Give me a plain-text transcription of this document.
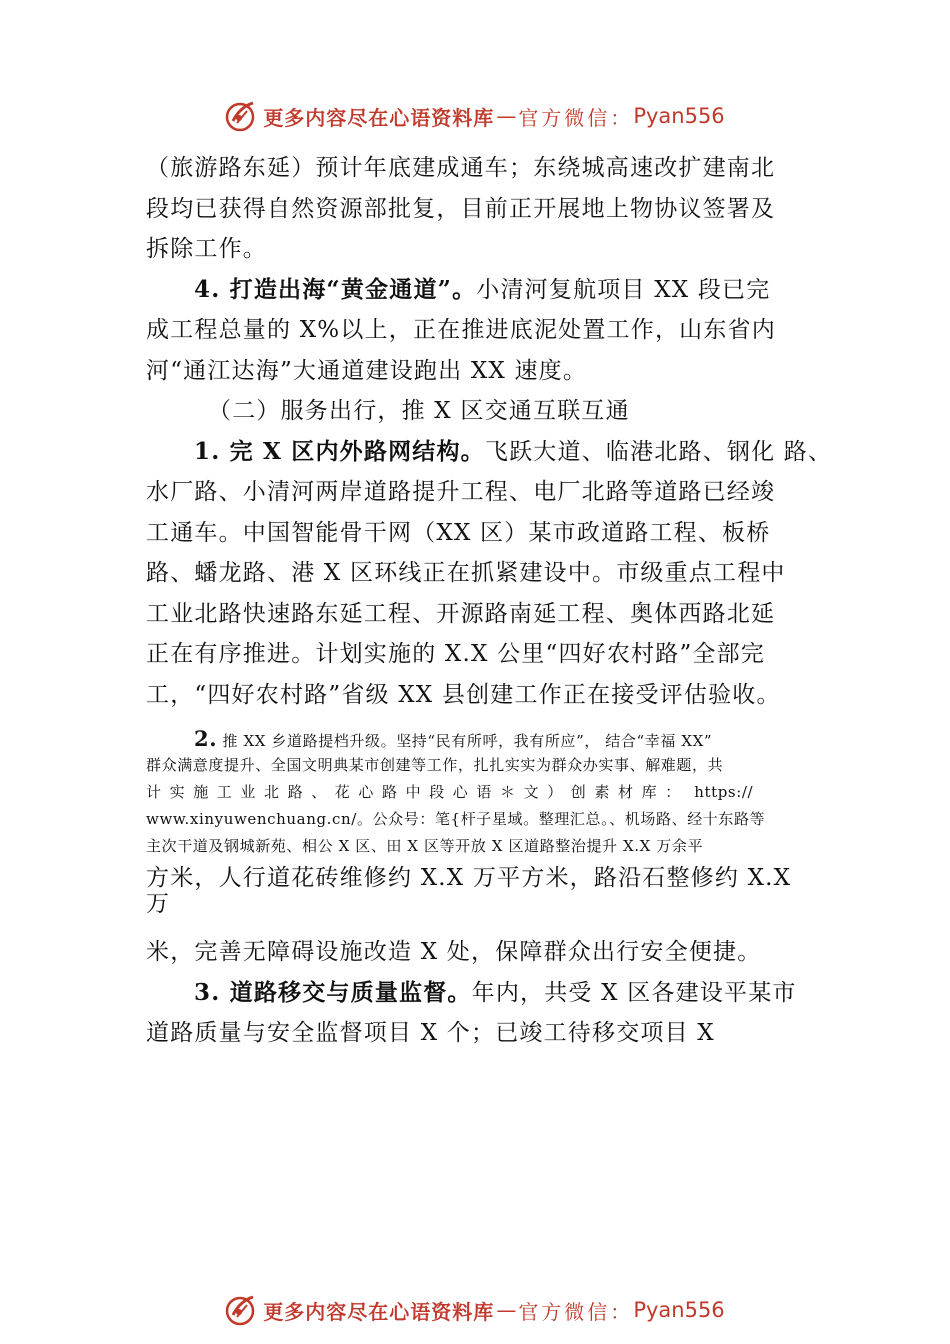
更多内容尽在心语资料库 — 官方微信： Pyan556
（旅游路东延）预计年底建成通车；东绕城高速改扩建南北
段均已获得自然资源部批复，目前正开展地上物协议签署及
拆除工作。
4. 打造出海“黄金通道”。小清河复航项目 XX 段已完
成工程总量的 X%以上，正在推进底泥处置工作，山东省内
河“通江达海”大通道建设跑出 XX 速度。
（二）服务出行，推 X 区交通互联互通
1. 完 X 区内外路网结构。飞跃大道、临港北路、钢化 路、
水厂路、小清河两岸道路提升工程、电厂北路等道路已经竣
工通车。中国智能骨干网（XX 区）某市政道路工程、板桥
路、蟠龙路、港 X 区环线正在抓紧建设中。市级重点工程中
工业北路快速路东延工程、开源路南延工程、奥体西路北延
正在有序推进。计划实施的 X.X 公里“四好农村路”全部完
工，“四好农村路”省级 XX 县创建工作正在接受评估验收。
2. 推 XX 乡道路提档升级。坚持“民有所呼，我有所应”， 结合“幸福 XX”
群众满意度提升、全国文明典某市创建等工作，扎扎实实为群众办实事、解难题，共
计实施工业北路、花心路中段心语＊文）创素材库： https://
www.xinyuwenchuang.cn/。公众号：笔{杆子星域。整理汇总。、机场路、经十东路等
主次干道及钢城新苑、相公 X 区、田 X 区等开放 X 区道路整治提升 X.X 万余平
方米，人行道花砖维修约 X.X 万平方米，路沿石整修约 X.X
万
米，完善无障碍设施改造 X 处，保障群众出行安全便捷。
3. 道路移交与质量监督。年内，共受 X 区各建设平某市
道路质量与安全监督项目 X 个；已竣工待移交项目 X
更多内容尽在心语资料库 — 官方微信： Pyan556
